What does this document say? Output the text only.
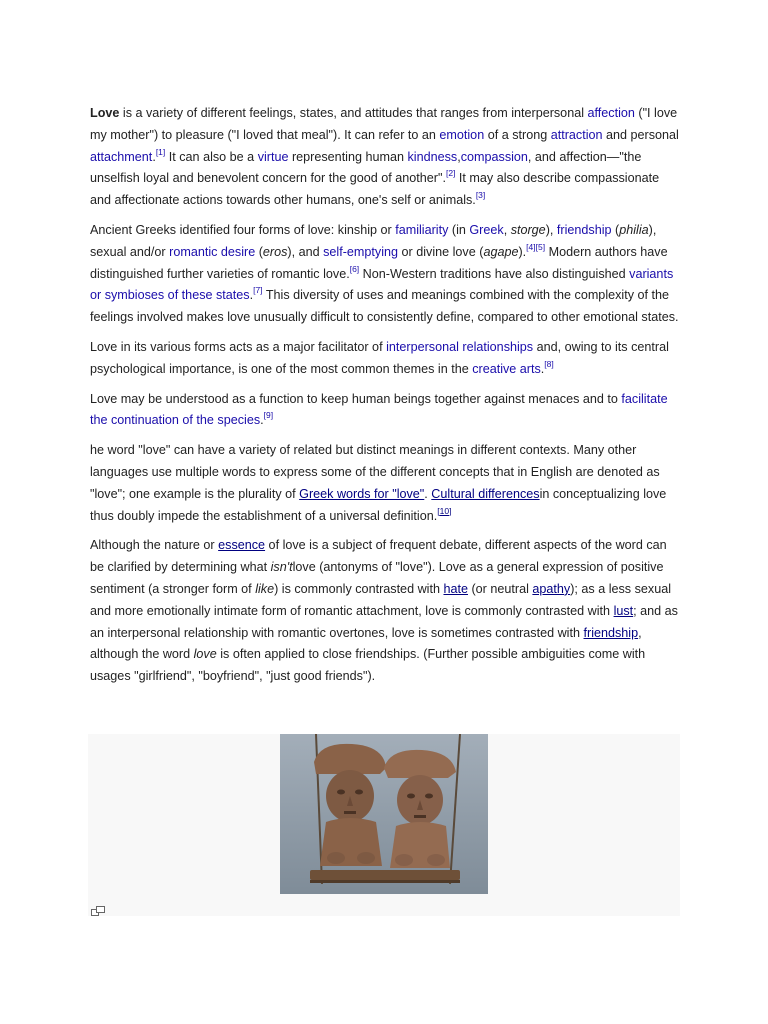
Love is a variety of different feelings, states, and attitudes that ranges from interpersonal affection ("I love my mother") to pleasure ("I loved that meal"). It can refer to an emotion of a strong attraction and personal attachment.[1] It can also be a virtue representing human kindness,compassion, and affection—"the unselfish loyal and benevolent concern for the good of another".[2] It may also describe compassionate and affectionate actions towards other humans, one's self or animals.[3]

Ancient Greeks identified four forms of love: kinship or familiarity (in Greek, storge), friendship (philia), sexual and/or romantic desire (eros), and self-emptying or divine love (agape).[4][5] Modern authors have distinguished further varieties of romantic love.[6] Non-Western traditions have also distinguished variants or symbioses of these states.[7] This diversity of uses and meanings combined with the complexity of the feelings involved makes love unusually difficult to consistently define, compared to other emotional states.

Love in its various forms acts as a major facilitator of interpersonal relationships and, owing to its central psychological importance, is one of the most common themes in the creative arts.[8]

Love may be understood as a function to keep human beings together against menaces and to facilitate the continuation of the species.[9]

he word "love" can have a variety of related but distinct meanings in different contexts. Many other languages use multiple words to express some of the different concepts that in English are denoted as "love"; one example is the plurality of Greek words for "love". Cultural differencesin conceptualizing love thus doubly impede the establishment of a universal definition.[10]

Although the nature or essence of love is a subject of frequent debate, different aspects of the word can be clarified by determining what isn'tlove (antonyms of "love"). Love as a general expression of positive sentiment (a stronger form of like) is commonly contrasted with hate (or neutral apathy); as a less sexual and more emotionally intimate form of romantic attachment, love is commonly contrasted with lust; and as an interpersonal relationship with romantic overtones, love is sometimes contrasted with friendship, although the word love is often applied to close friendships. (Further possible ambiguities come with usages "girlfriend", "boyfriend", "just good friends").
